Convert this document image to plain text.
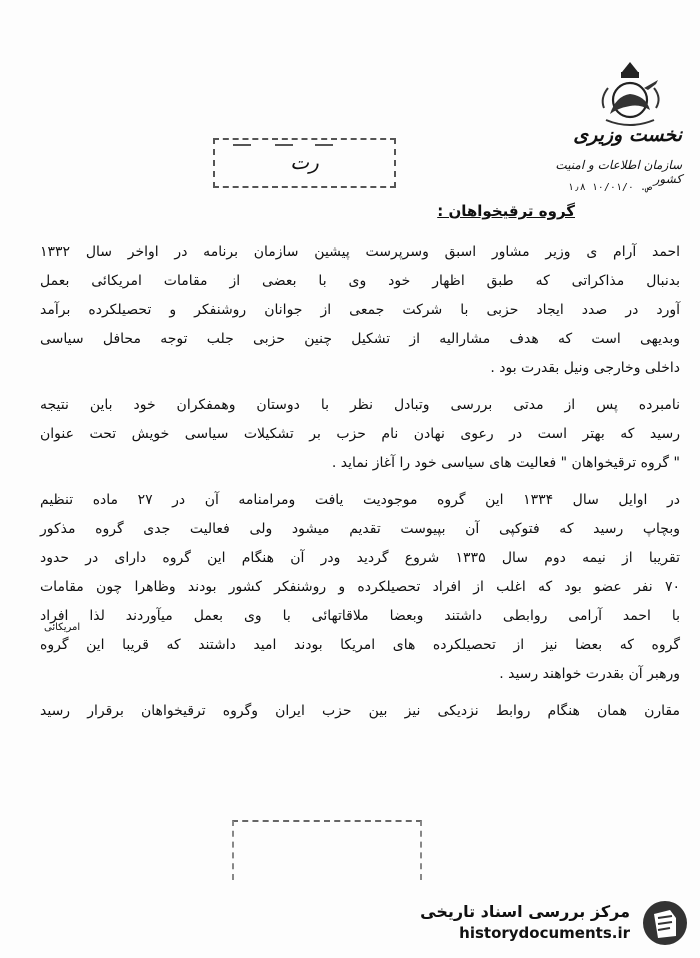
نخست وزیری
سازمان اطلاعات و امنیت کشور
ص. ۱۰/۰۱/۰ ۱٫۸
رت
گروه ترقیخواهان :
احمد آرام ی وزیر مشاور اسبق وسرپرست پیشین سازمان برنامه در اواخر سال ۱۳۳۲
بدنبال مذاکراتی که طبق اظهار خود وی با بعضی از مقامات امریکائی بعمل
آورد در صدد ایجاد حزبی با شرکت جمعی از جوانان روشنفکر و تحصیلکرده برآمد
وبدیهی است که هدف مشارالیه از تشکیل چنین حزبی جلب توجه محافل سیاسی
داخلی وخارجی ونیل بقدرت بود .
نامبرده پس از مدتی بررسی وتبادل نظر با دوستان وهمفکران خود باین نتیجه
رسید که بهتر است در رعوی نهادن نام حزب بر تشکیلات سیاسی خویش تحت عنوان
" گروه ترقیخواهان " فعالیت های سیاسی خود را آغاز نماید .
در اوایل سال ۱۳۳۴ این گروه موجودیت یافت ومرامنامه آن در ۲۷ ماده تنظیم
وبچاپ رسید که فتوکپی آن بپیوست تقدیم میشود ولی فعالیت جدی گروه مذکور
تقریبا از نیمه دوم سال ۱۳۳۵ شروع گردید ودر آن هنگام این گروه دارای در حدود
۷۰ نفر عضو بود که اغلب از افراد تحصیلکرده و روشنفکر کشور بودند وظاهرا چون مقامات
با احمد آرامی روابطی داشتند وبعضا ملاقاتهائی با وی بعمل میآوردند لذا افراد
گروه که بعضا نیز از تحصیلکرده های امریکا بودند امید داشتند که قریبا این گروه
ورهبر آن بقدرت خواهند رسید .
مقارن همان هنگام روابط نزدیکی نیز بین حزب ایران وگروه ترقیخواهان برقرار رسید
امریکائی
مرکز بررسی اسناد تاریخی
historydocuments.ir
